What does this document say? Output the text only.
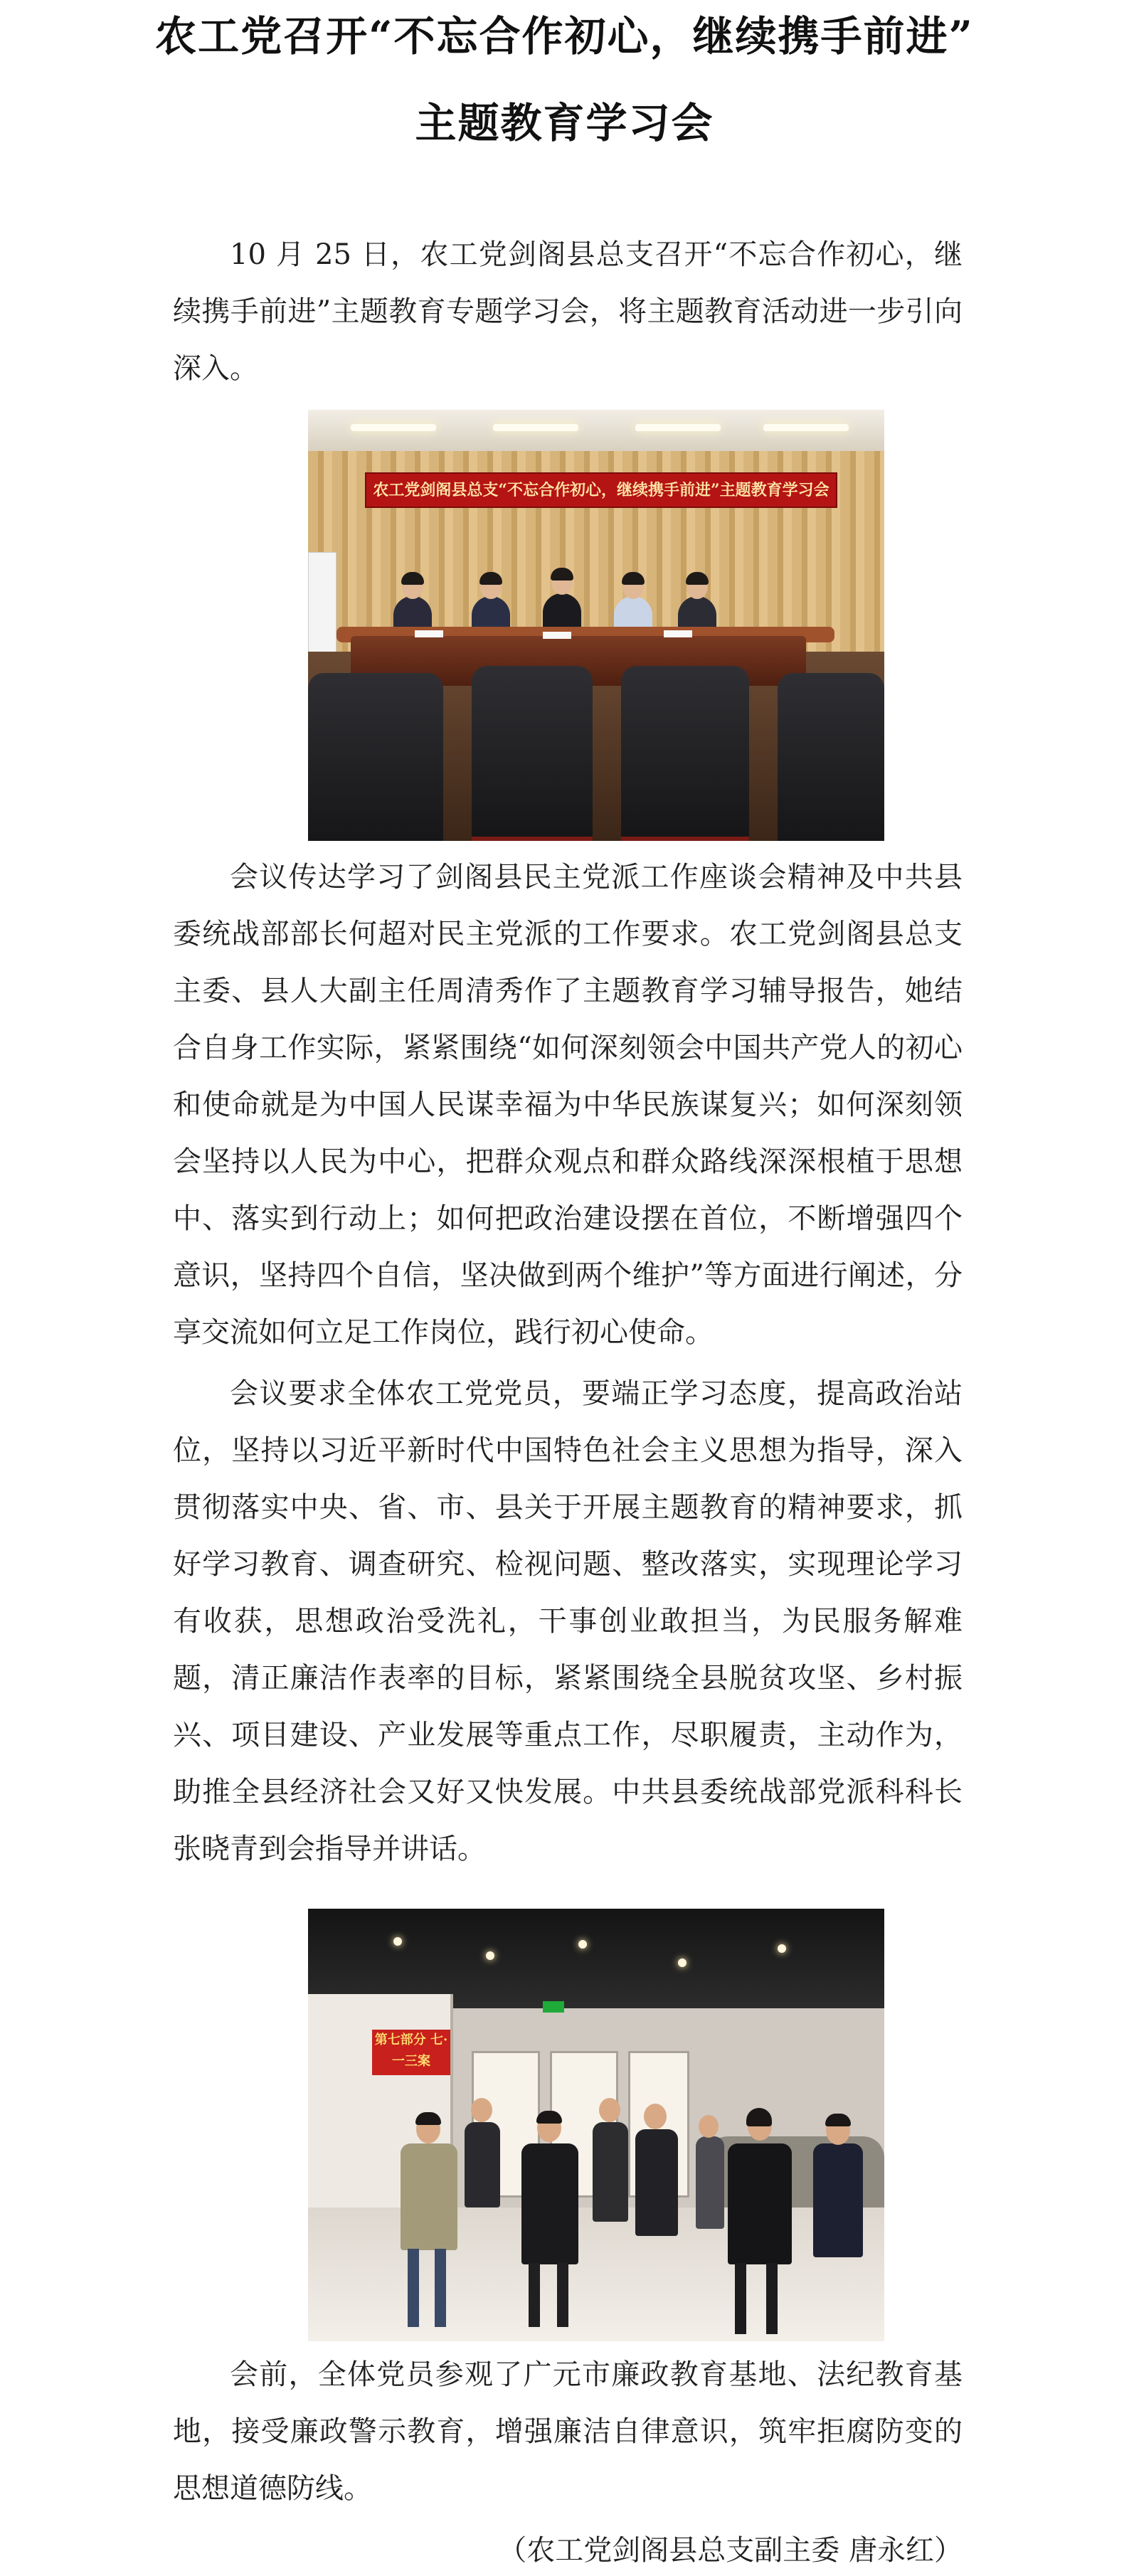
农工党召开“不忘合作初心，继续携手前进”
主题教育学习会
10 月 25 日，农工党剑阁县总支召开“不忘合作初心，继续携手前进”主题教育专题学习会，将主题教育活动进一步引向深入。
农工党剑阁县总支“不忘合作初心，继续携手前进”主题教育学习会
会议传达学习了剑阁县民主党派工作座谈会精神及中共县委统战部部长何超对民主党派的工作要求。农工党剑阁县总支主委、县人大副主任周清秀作了主题教育学习辅导报告，她结合自身工作实际，紧紧围绕“如何深刻领会中国共产党人的初心和使命就是为中国人民谋幸福为中华民族谋复兴；如何深刻领会坚持以人民为中心，把群众观点和群众路线深深根植于思想中、落实到行动上；如何把政治建设摆在首位，不断增强四个意识，坚持四个自信，坚决做到两个维护”等方面进行阐述，分享交流如何立足工作岗位，践行初心使命。
会议要求全体农工党党员，要端正学习态度，提高政治站位，坚持以习近平新时代中国特色社会主义思想为指导，深入贯彻落实中央、省、市、县关于开展主题教育的精神要求，抓好学习教育、调查研究、检视问题、整改落实，实现理论学习有收获，思想政治受洗礼，干事创业敢担当，为民服务解难题，清正廉洁作表率的目标，紧紧围绕全县脱贫攻坚、乡村振兴、项目建设、产业发展等重点工作，尽职履责，主动作为，助推全县经济社会又好又快发展。中共县委统战部党派科科长张晓青到会指导并讲话。
第七部分 七·一三案
会前，全体党员参观了广元市廉政教育基地、法纪教育基地，接受廉政警示教育，增强廉洁自律意识，筑牢拒腐防变的思想道德防线。
（农工党剑阁县总支副主委 唐永红）
